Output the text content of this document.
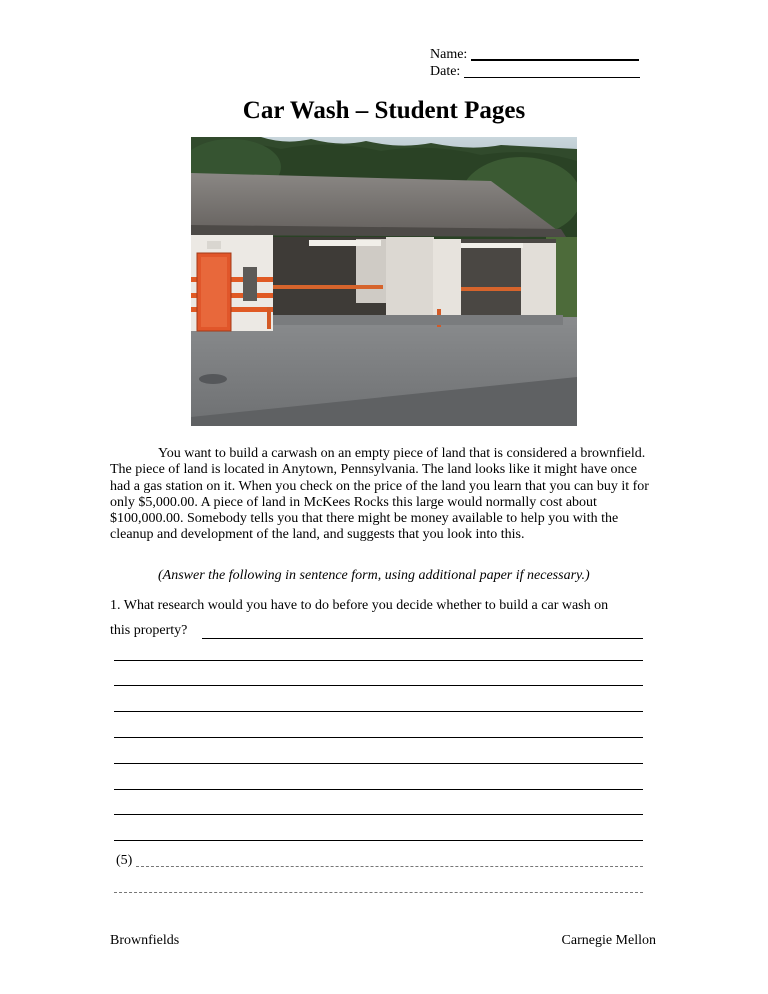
Name:
Date:
Car Wash – Student Pages

You want to build a carwash on an empty piece of land that is considered a brownfield. The piece of land is located in Anytown, Pennsylvania. The land looks like it might have once had a gas station on it. When you check on the price of the land you learn that you can buy it for only $5,000.00. A piece of land in McKees Rocks this large would normally cost about $100,000.00. Somebody tells you that there might be money available to help you with the cleanup and development of the land, and suggests that you look into this.

(Answer the following in sentence form, using additional paper if necessary.)
1. What research would you have to do before you decide whether to build a car wash on
this property?
(5)
Brownfields	Carnegie Mellon
